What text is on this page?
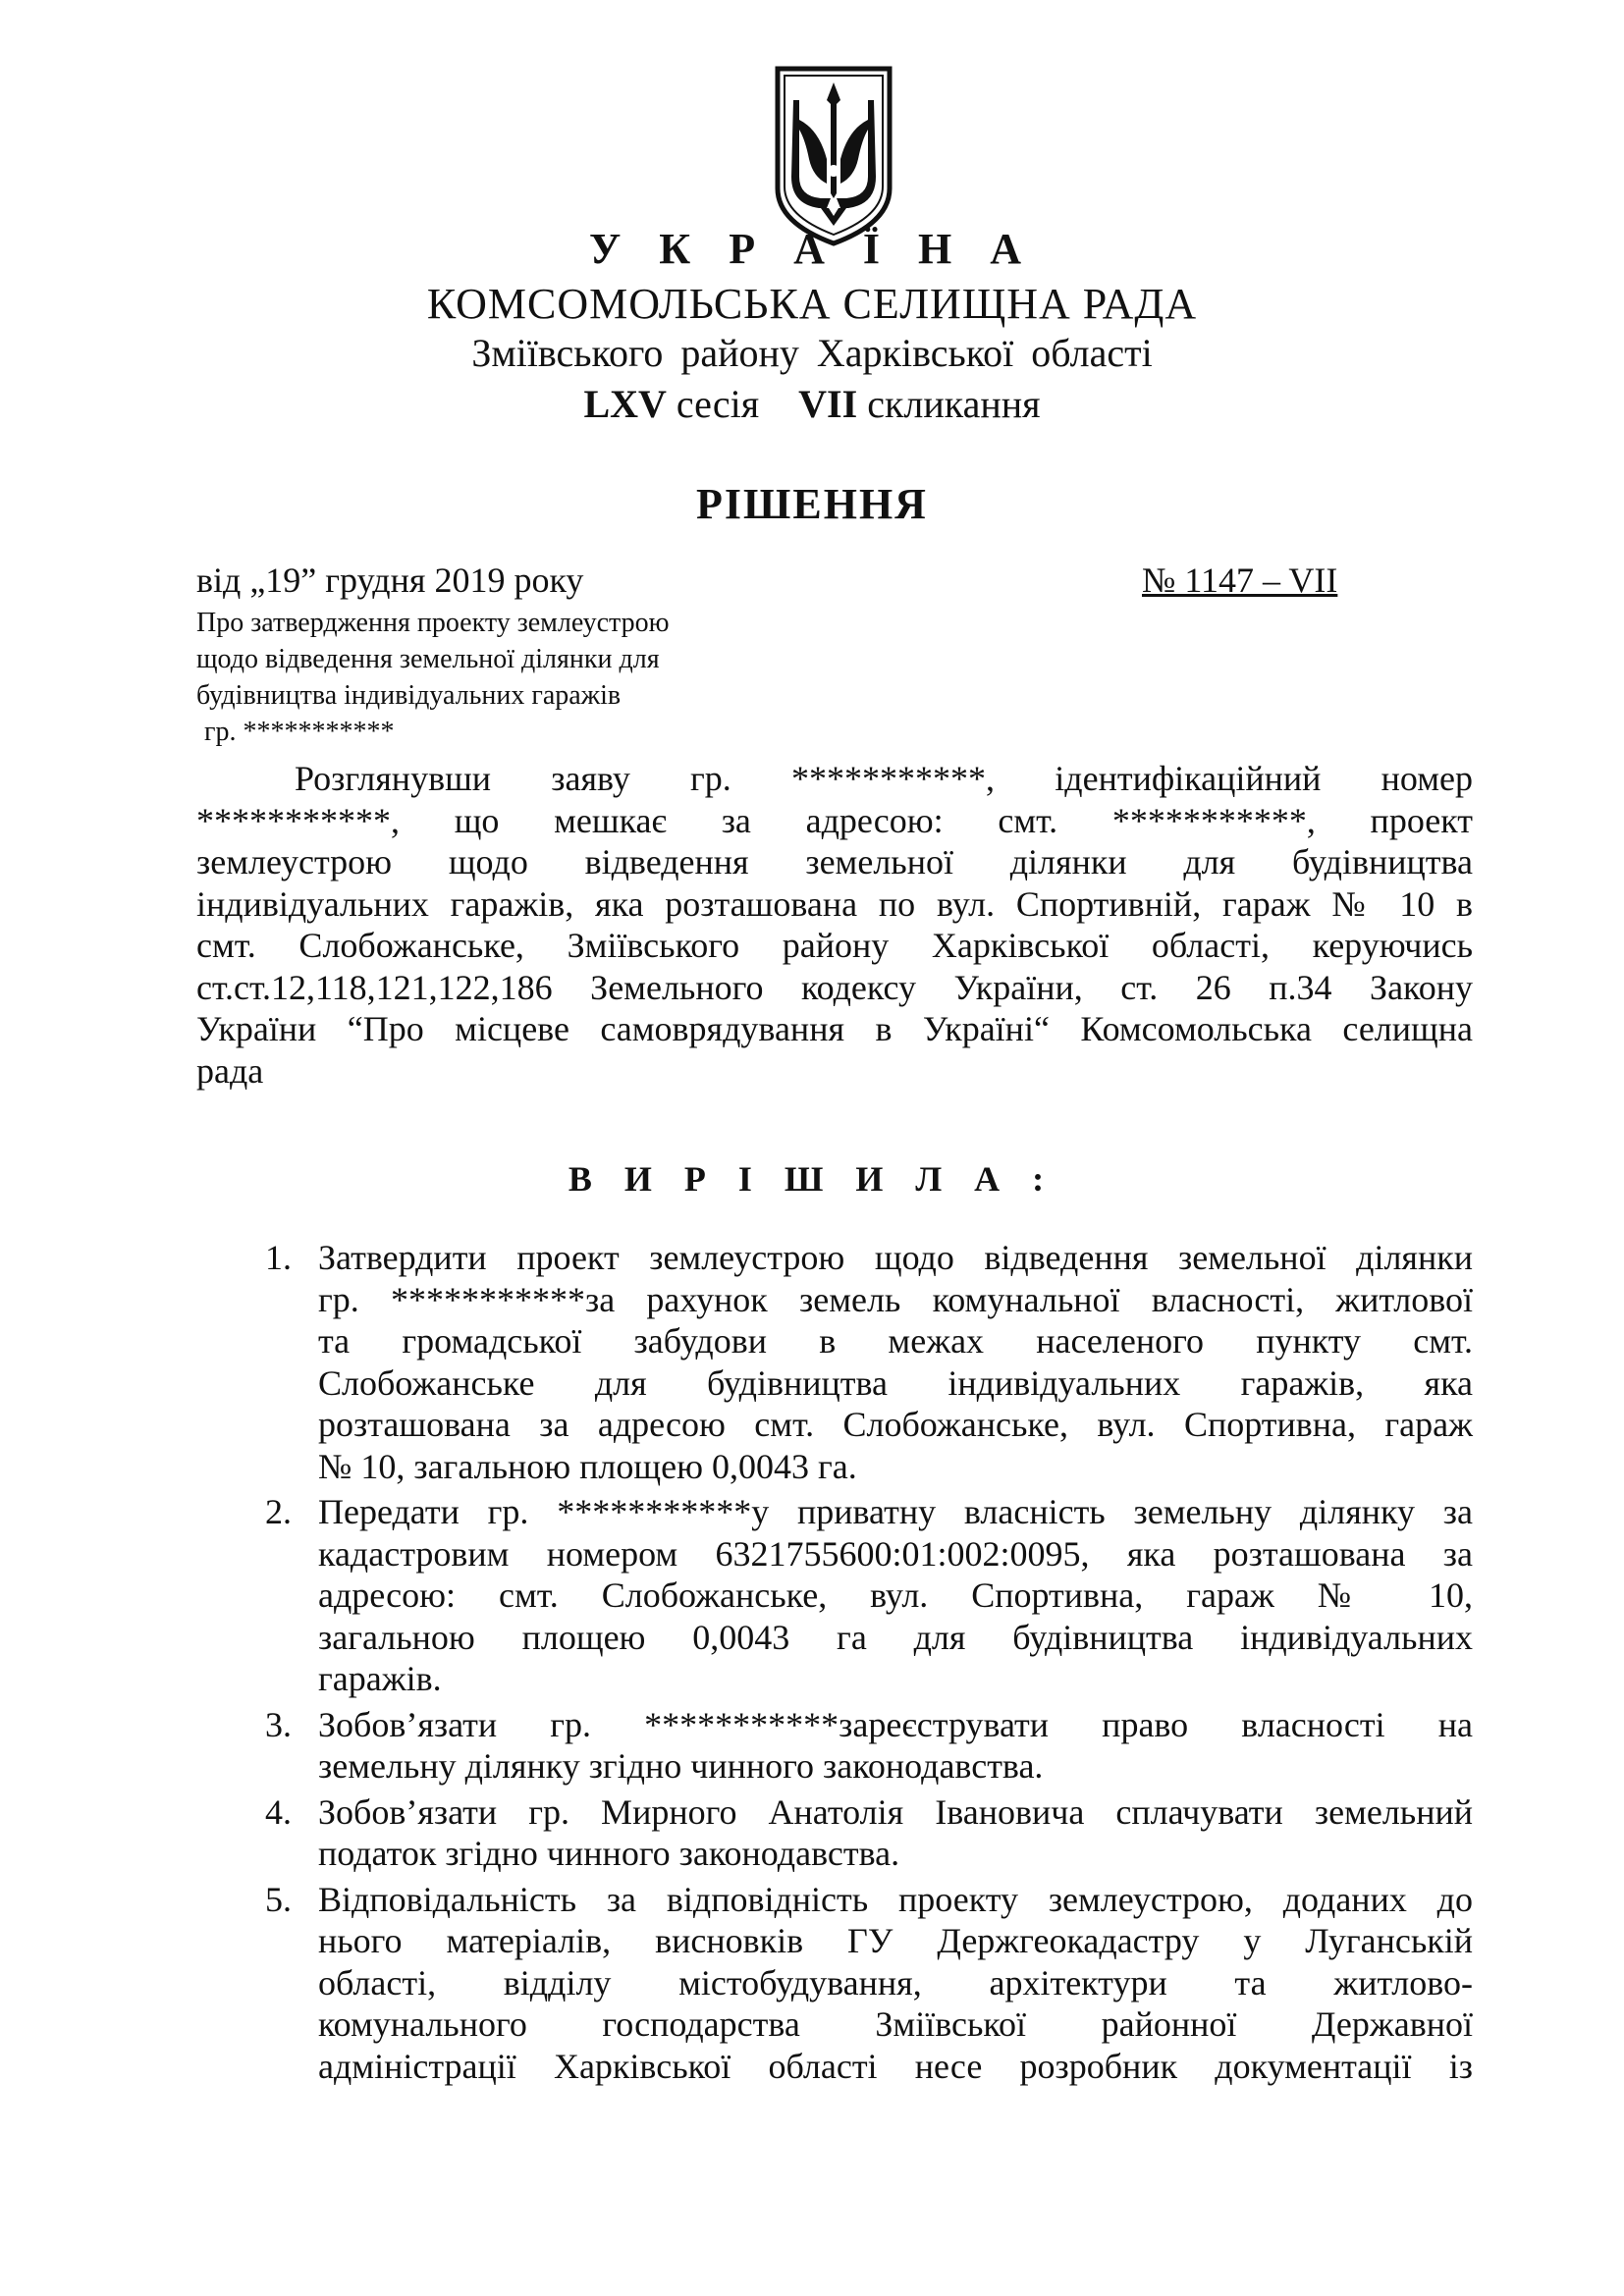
У К Р А Ї Н А
КОМСОМОЛЬСЬКА СЕЛИЩНА РАДА
Зміївського району Харківської області
LXV сесія VII скликання
РІШЕННЯ
від „19” грудня 2019 року	№ 1147 – VII
Про затвердження проекту землеустрою
щодо відведення земельної ділянки для
будівництва індивідуальних гаражів
гр. ***********
Розглянувши заяву гр. ***********, ідентифікаційний номер
***********, що мешкає за адресою: смт. ***********, проект
землеустрою щодо відведення земельної ділянки для будівництва
індивідуальних гаражів, яка розташована по вул. Спортивній, гараж № 10 в
смт. Слобожанське, Зміївського району Харківської області, керуючись
ст.ст.12,118,121,122,186 Земельного кодексу України, ст. 26 п.34 Закону
України “Про місцеве самоврядування в Україні“ Комсомольська селищна
рада
В И Р І Ш И Л А :
1. Затвердити проект землеустрою щодо відведення земельної ділянки
гр. ***********за рахунок земель комунальної власності, житлової
та громадської забудови в межах населеного пункту смт.
Слобожанське для будівництва індивідуальних гаражів, яка
розташована за адресою смт. Слобожанське, вул. Спортивна, гараж
№ 10, загальною площею 0,0043 га.
2. Передати гр. ***********у приватну власність земельну ділянку за
кадастровим номером 6321755600:01:002:0095, яка розташована за
адресою: смт. Слобожанське, вул. Спортивна, гараж № 10,
загальною площею 0,0043 га для будівництва індивідуальних
гаражів.
3. Зобов’язати гр. ***********зареєструвати право власності на
земельну ділянку згідно чинного законодавства.
4. Зобов’язати гр. Мирного Анатолія Івановича сплачувати земельний
податок згідно чинного законодавства.
5. Відповідальність за відповідність проекту землеустрою, доданих до
нього матеріалів, висновків ГУ Держгеокадастру у Луганській
області, відділу містобудування, архітектури та житлово-
комунального господарства Зміївської районної Державної
адміністрації Харківської області несе розробник документації із
